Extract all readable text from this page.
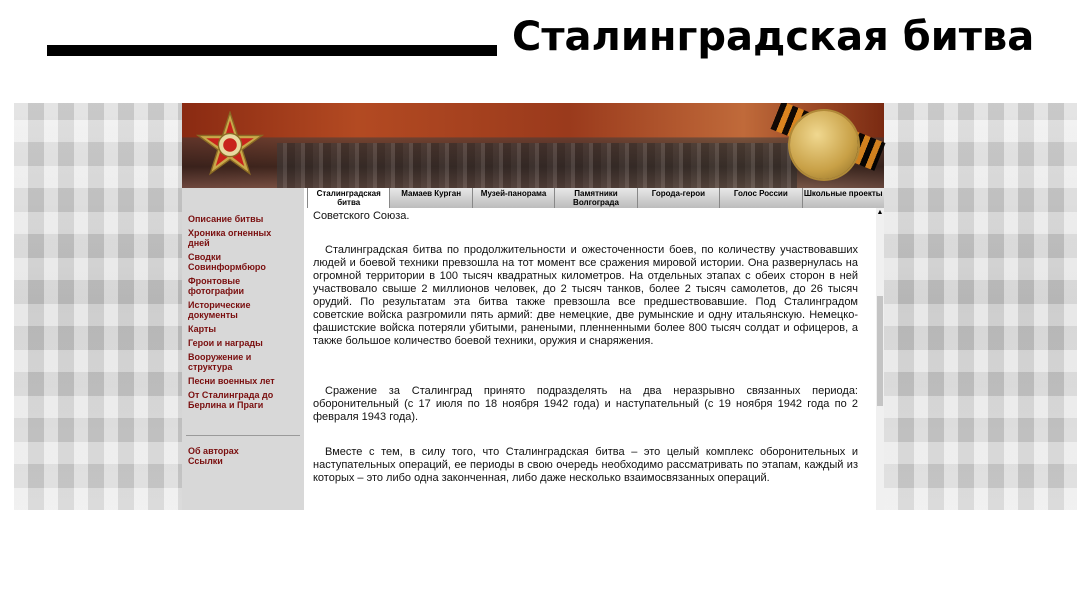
Сталинградская битва
Сталинградская битва
Мамаев Курган	Музей-панорама	Памятники Волгограда
Города-герои	Голос России	Школьные проекты
Описание битвы
Хроника огненных дней
Сводки Совинформбюро
Фронтовые фотографии
Исторические документы
Карты
Герои и награды
Вооружение и структура
Песни военных лет
От Сталинграда до Берлина и Праги
Об авторах
Ссылки
Советского Союза.
Сталинградская битва по продолжительности и ожесточенности боев, по количеству участвовавших людей и боевой техники превзошла на тот момент все сражения мировой истории. Она развернулась на огромной территории в 100 тысяч квадратных километров. На отдельных этапах с обеих сторон в ней участвовало свыше 2 миллионов человек, до 2 тысяч танков, более 2 тысяч самолетов, до 26 тысяч орудий. По результатам эта битва также превзошла все предшествовавшие. Под Сталинградом советские войска разгромили пять армий: две немецкие, две румынские и одну итальянскую. Немецко-фашистские войска потеряли убитыми, ранеными, пленненными более 800 тысяч солдат и офицеров, а также большое количество боевой техники, оружия и снаряжения.
Сражение за Сталинград принято подразделять на два неразрывно связанных периода: оборонительный (с 17 июля по 18 ноября 1942 года) и наступательный (с 19 ноября 1942 года по 2 февраля 1943 года).
Вместе с тем, в силу того, что Сталинградская битва – это целый комплекс оборонительных и наступательных операций, ее периоды в свою очередь необходимо рассматривать по этапам, каждый из которых – это либо одна законченная, либо даже несколько взаимосвязанных операций.
▲
